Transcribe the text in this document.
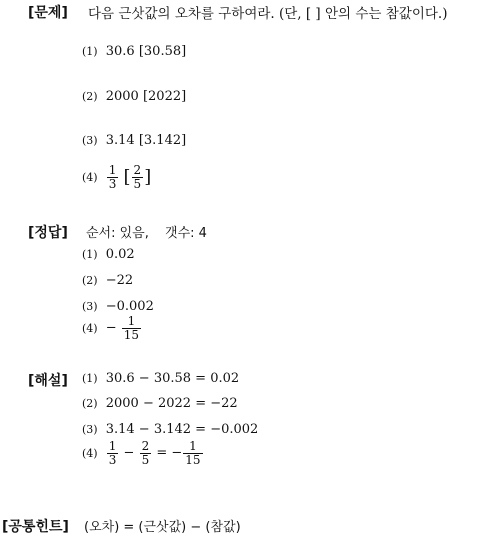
[문제] 다음 근삿값의 오차를 구하여라. (단, [ ] 안의 수는 참값이다.)
(1) 30.6 [30.58]
(2) 2000 [2022]
(3) 3.14 [3.142]
$(4) \frac{1}{3}$ [ $\frac{2}{5}$ ]
[정답] 순서: 있음, 갯수: 4
(1) 0.02
(2) −22
(3) −0.002
$(4) - \frac{1}{15}$
[해설] (1) 30.6 − 30.58 = 0.02
(2) 2000 − 2022 = −22
(3) 3.14 − 3.142 = −0.002
$(4) \frac{1}{3} - \frac{2}{5}$ = − $\frac{1}{15}$
[공통힌트] (오차) = (근삿값) − (참값)
